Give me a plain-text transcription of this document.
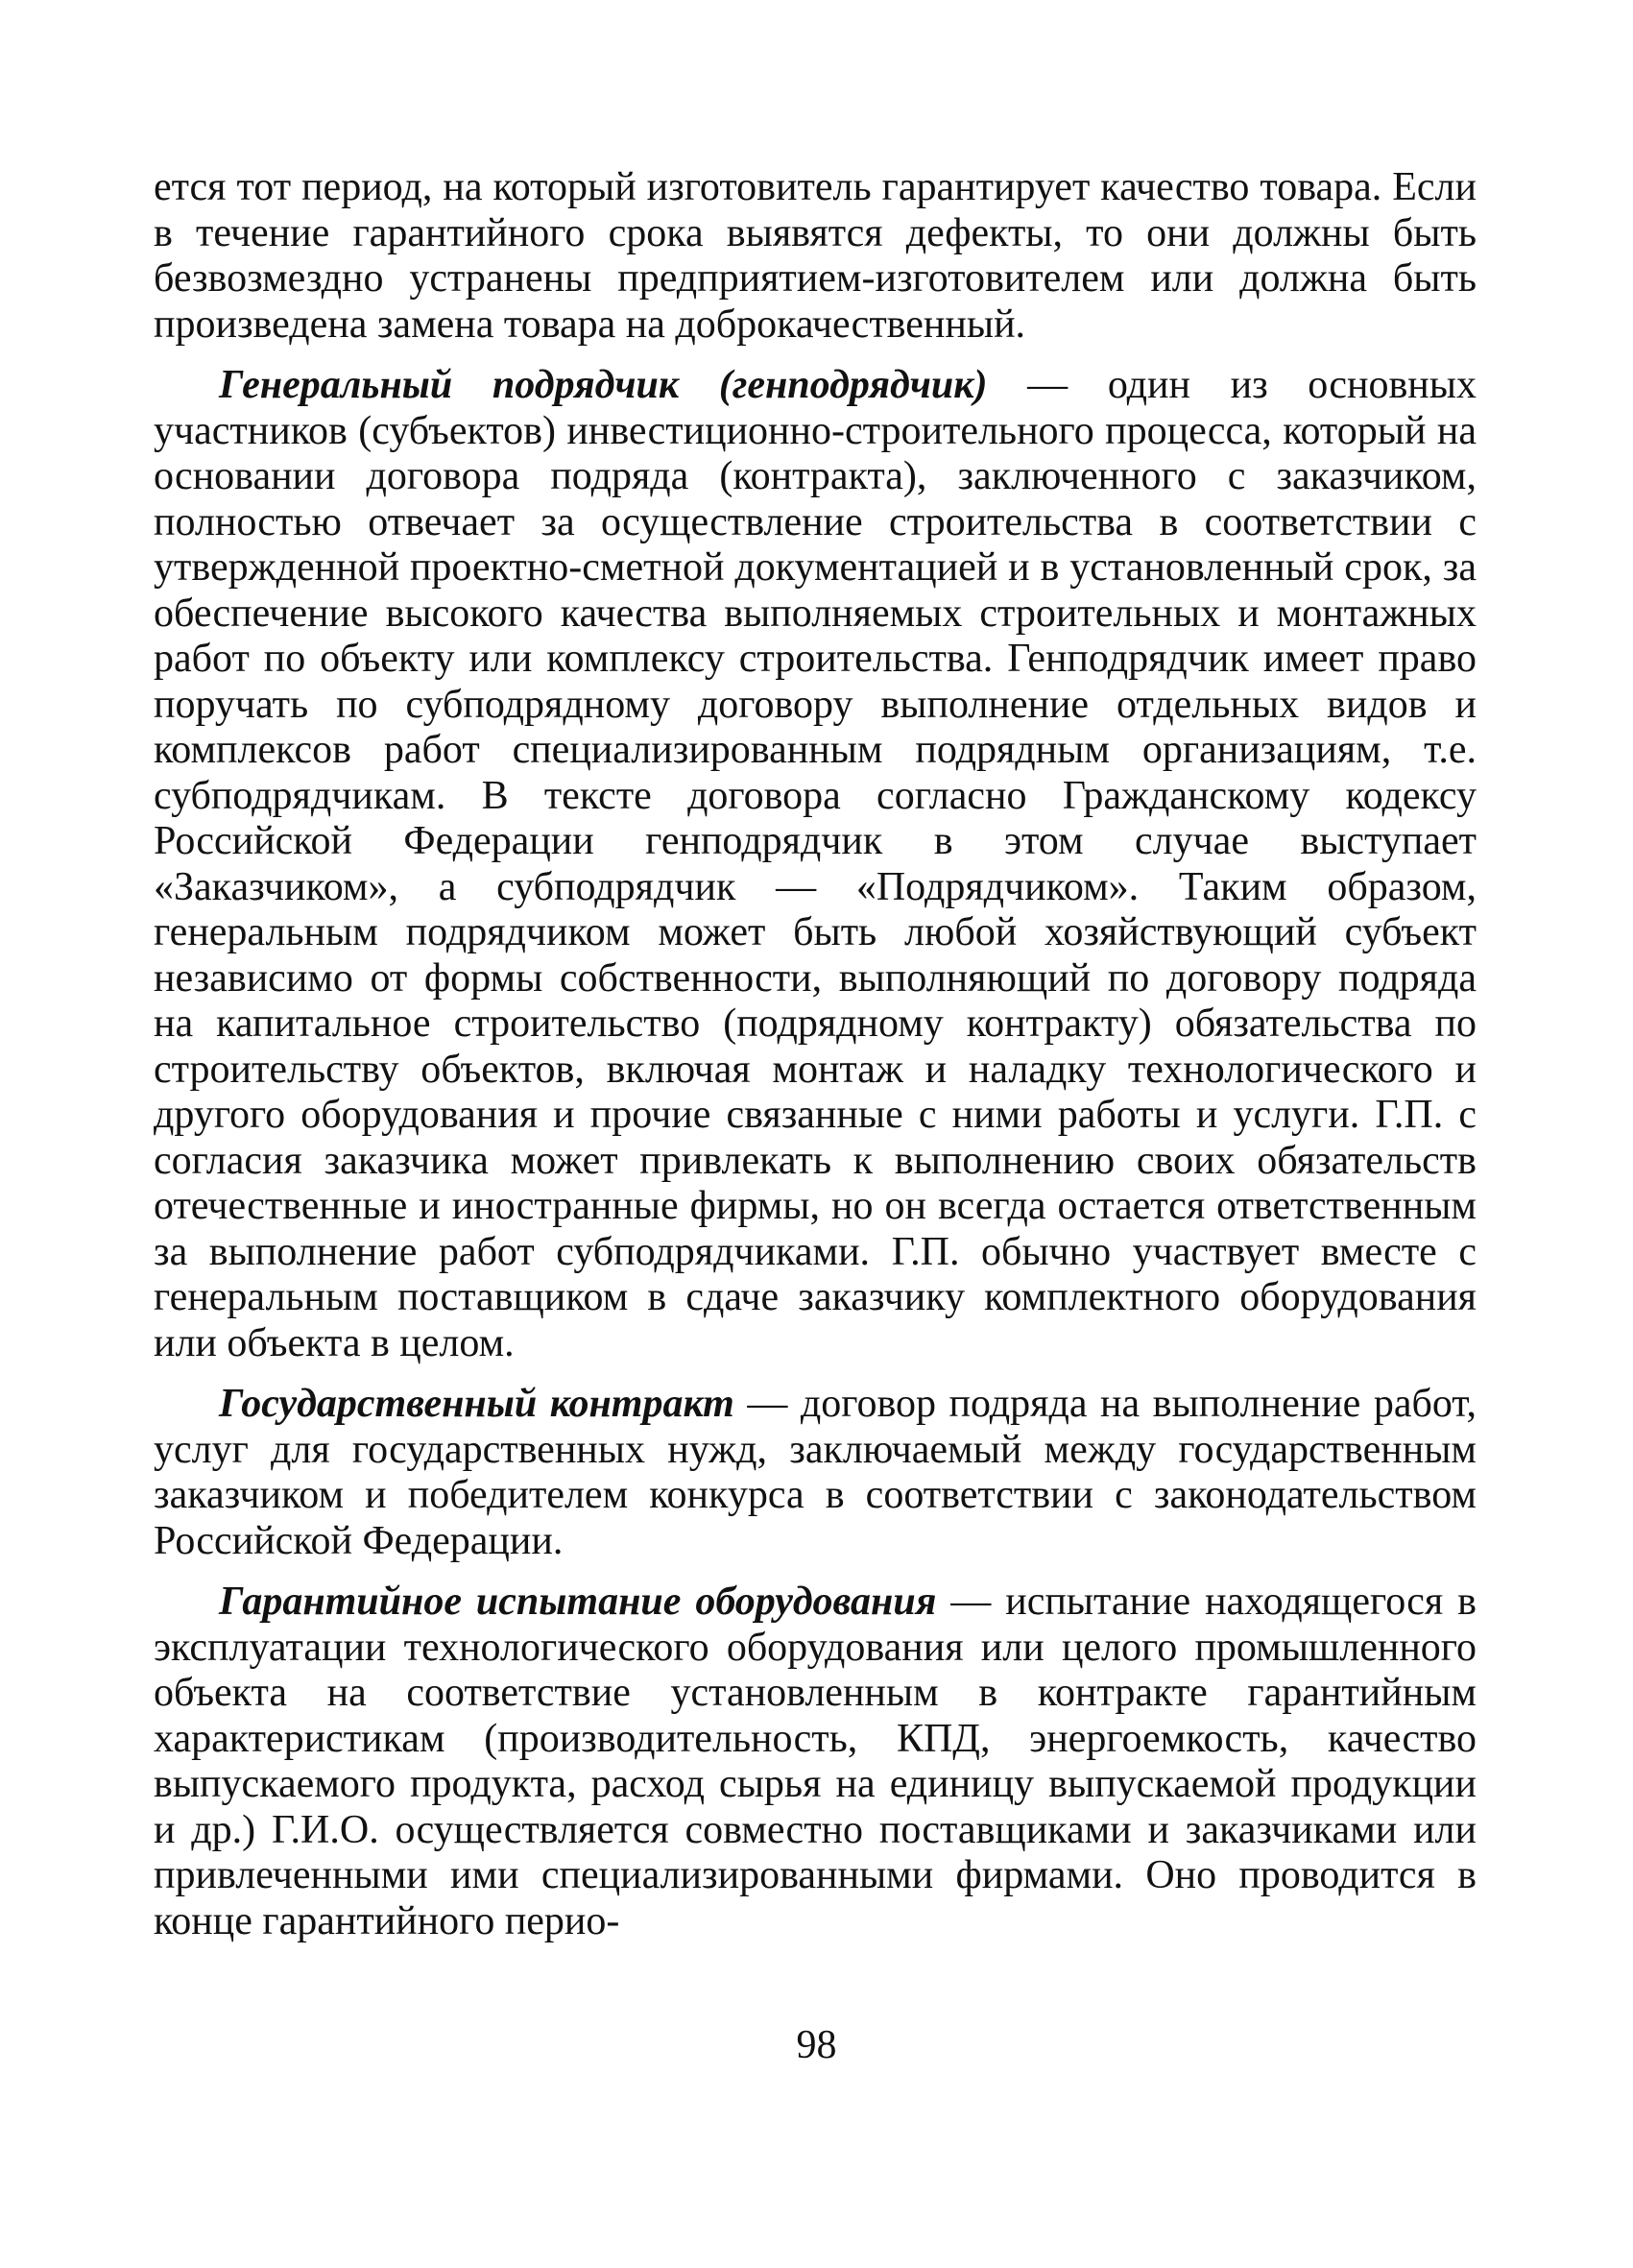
ется тот период, на который изготовитель гарантирует качество товара. Если в течение гарантийного срока выявятся дефекты, то они должны быть безвозмездно устранены предприятием-изготовителем или должна быть произведена замена товара на доброкачественный.

Генеральный подрядчик (генподрядчик) — один из основных участников (субъектов) инвестиционно-строительного процесса, который на основании договора подряда (контракта), заключенного с заказчиком, полностью отвечает за осуществление строительства в соответствии с утвержденной проектно-сметной документацией и в установленный срок, за обеспечение высокого качества выполняемых строительных и монтажных работ по объекту или комплексу строительства. Генподрядчик имеет право поручать по субподрядному договору выполнение отдельных видов и комплексов работ специализированным подрядным организациям, т.е. субподрядчикам. В тексте договора согласно Гражданскому кодексу Российской Федерации генподрядчик в этом случае выступает «Заказчиком», а субподрядчик — «Подрядчиком». Таким образом, генеральным подрядчиком может быть любой хозяйствующий субъект независимо от формы собственности, выполняющий по договору подряда на капитальное строительство (подрядному контракту) обязательства по строительству объектов, включая монтаж и наладку технологического и другого оборудования и прочие связанные с ними работы и услуги. Г.П. с согласия заказчика может привлекать к выполнению своих обязательств отечественные и иностранные фирмы, но он всегда остается ответственным за выполнение работ субподрядчиками. Г.П. обычно участвует вместе с генеральным поставщиком в сдаче заказчику комплектного оборудования или объекта в целом.

Государственный контракт — договор подряда на выполнение работ, услуг для государственных нужд, заключаемый между государственным заказчиком и победителем конкурса в соответствии с законодательством Российской Федерации.

Гарантийное испытание оборудования — испытание находящегося в эксплуатации технологического оборудования или целого промышленного объекта на соответствие установленным в контракте гарантийным характеристикам (производительность, КПД, энергоемкость, качество выпускаемого продукта, расход сырья на единицу выпускаемой продукции и др.) Г.И.О. осуществляется совместно поставщиками и заказчиками или привлеченными ими специализированными фирмами. Оно проводится в конце гарантийного перио-

98
